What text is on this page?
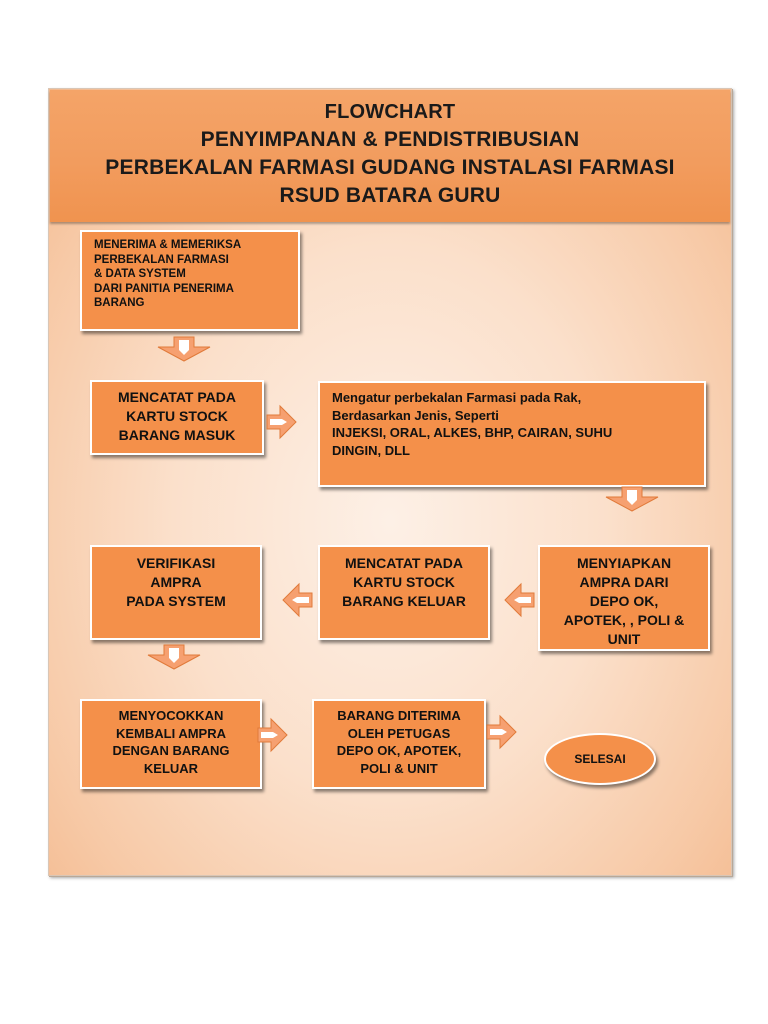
FLOWCHART
PENYIMPANAN & PENDISTRIBUSIAN
PERBEKALAN FARMASI GUDANG INSTALASI FARMASI
RSUD BATARA GURU
MENERIMA & MEMERIKSA
PERBEKALAN FARMASI
& DATA SYSTEM
DARI PANITIA PENERIMA
BARANG
MENCATAT PADA
KARTU STOCK
BARANG MASUK
Mengatur perbekalan Farmasi pada Rak,
Berdasarkan Jenis, Seperti
INJEKSI, ORAL, ALKES, BHP, CAIRAN, SUHU
DINGIN, DLL
MENYIAPKAN
AMPRA DARI
DEPO OK,
APOTEK, , POLI &
UNIT
MENCATAT PADA
KARTU STOCK
BARANG KELUAR
VERIFIKASI
AMPRA
PADA SYSTEM
MENYOCOKKAN
KEMBALI AMPRA
DENGAN BARANG
KELUAR
BARANG DITERIMA
OLEH PETUGAS
DEPO OK, APOTEK,
POLI & UNIT
SELESAI
